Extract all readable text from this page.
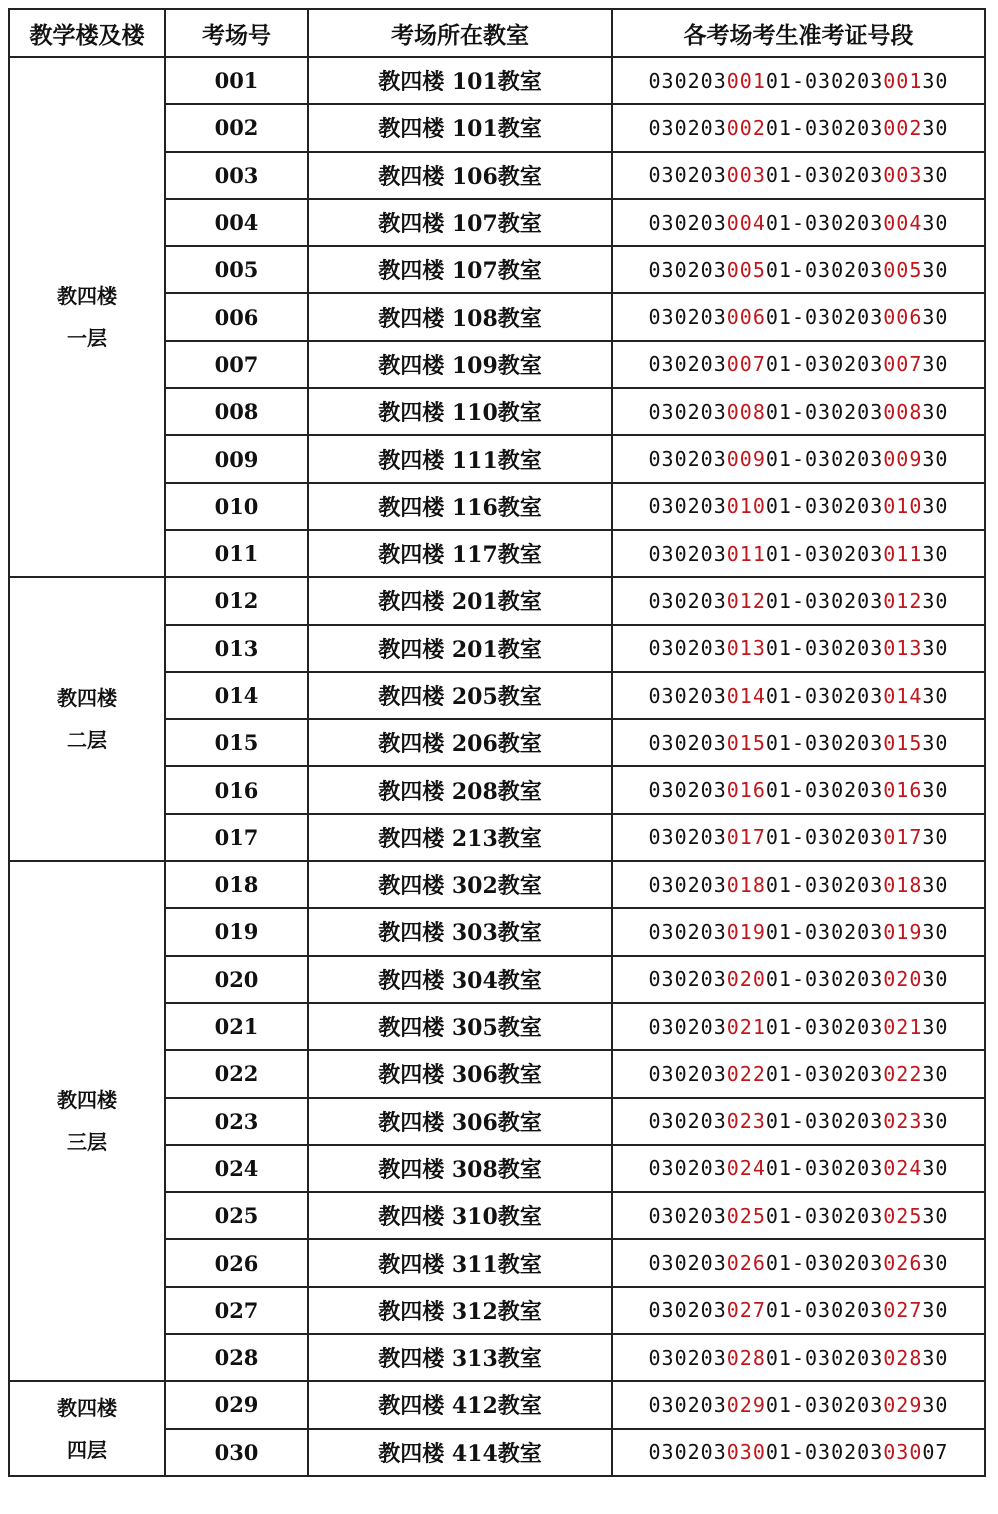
教学楼及楼	考场号	考场所在教室	各考场考生准考证号段

教四楼
一层	001	教四楼 101教室	03020300101-03020300130
	002	教四楼 101教室	03020300201-03020300230
	003	教四楼 106教室	03020300301-03020300330
	004	教四楼 107教室	03020300401-03020300430
	005	教四楼 107教室	03020300501-03020300530
	006	教四楼 108教室	03020300601-03020300630
	007	教四楼 109教室	03020300701-03020300730
	008	教四楼 110教室	03020300801-03020300830
	009	教四楼 111教室	03020300901-03020300930
	010	教四楼 116教室	03020301001-03020301030
	011	教四楼 117教室	03020301101-03020301130

教四楼
二层	012	教四楼 201教室	03020301201-03020301230
	013	教四楼 201教室	03020301301-03020301330
	014	教四楼 205教室	03020301401-03020301430
	015	教四楼 206教室	03020301501-03020301530
	016	教四楼 208教室	03020301601-03020301630
	017	教四楼 213教室	03020301701-03020301730

教四楼
三层	018	教四楼 302教室	03020301801-03020301830
	019	教四楼 303教室	03020301901-03020301930
	020	教四楼 304教室	03020302001-03020302030
	021	教四楼 305教室	03020302101-03020302130
	022	教四楼 306教室	03020302201-03020302230
	023	教四楼 306教室	03020302301-03020302330
	024	教四楼 308教室	03020302401-03020302430
	025	教四楼 310教室	03020302501-03020302530
	026	教四楼 311教室	03020302601-03020302630
	027	教四楼 312教室	03020302701-03020302730
	028	教四楼 313教室	03020302801-03020302830

教四楼
四层	029	教四楼 412教室	03020302901-03020302930
	030	教四楼 414教室	03020303001-03020303007
